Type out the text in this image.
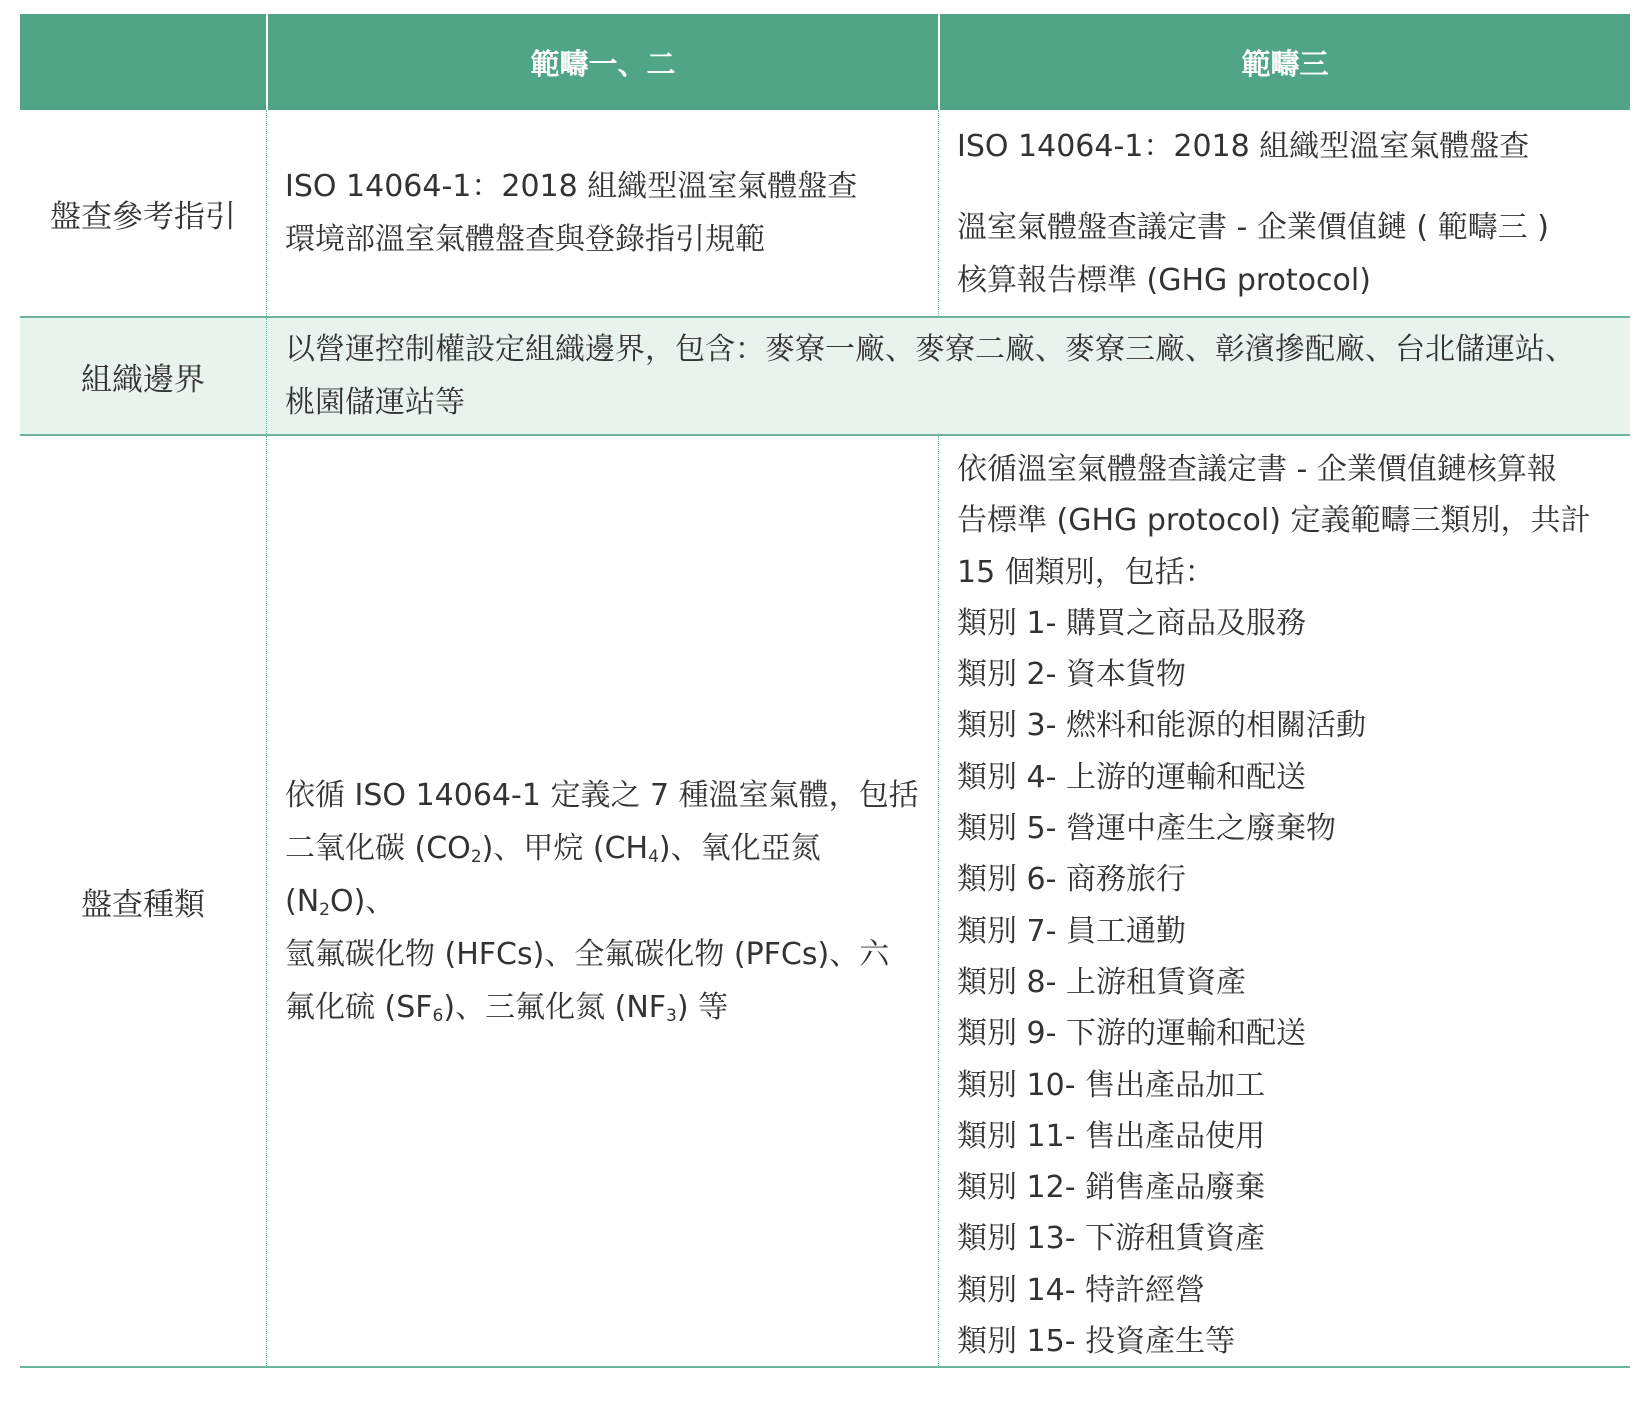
範疇一、二	範疇三
盤查參考指引
ISO 14064-1：2018 組織型溫室氣體盤查
環境部溫室氣體盤查與登錄指引規範
ISO 14064-1：2018 組織型溫室氣體盤查
溫室氣體盤查議定書 - 企業價值鏈 ( 範疇三 )
核算報告標準 (GHG protocol)
組織邊界
以營運控制權設定組織邊界，包含：麥寮一廠、麥寮二廠、麥寮三廠、彰濱摻配廠、台北儲運站、
桃園儲運站等
盤查種類
依循 ISO 14064-1 定義之 7 種溫室氣體，包括
二氧化碳 $(CO_2)$、甲烷 $(CH_4)$、氧化亞氮 $(N_2O)$、
氫氟碳化物 (HFCs)、全氟碳化物 (PFCs)、六
氟化硫 $(SF_6)$、三氟化氮 $(NF_3)$ 等
依循溫室氣體盤查議定書 - 企業價值鏈核算報
告標準 (GHG protocol) 定義範疇三類別，共計
15 個類別，包括：
類別 1- 購買之商品及服務
類別 2- 資本貨物
類別 3- 燃料和能源的相關活動
類別 4- 上游的運輸和配送
類別 5- 營運中產生之廢棄物
類別 6- 商務旅行
類別 7- 員工通勤
類別 8- 上游租賃資產
類別 9- 下游的運輸和配送
類別 10- 售出產品加工
類別 11- 售出產品使用
類別 12- 銷售產品廢棄
類別 13- 下游租賃資產
類別 14- 特許經營
類別 15- 投資產生等
